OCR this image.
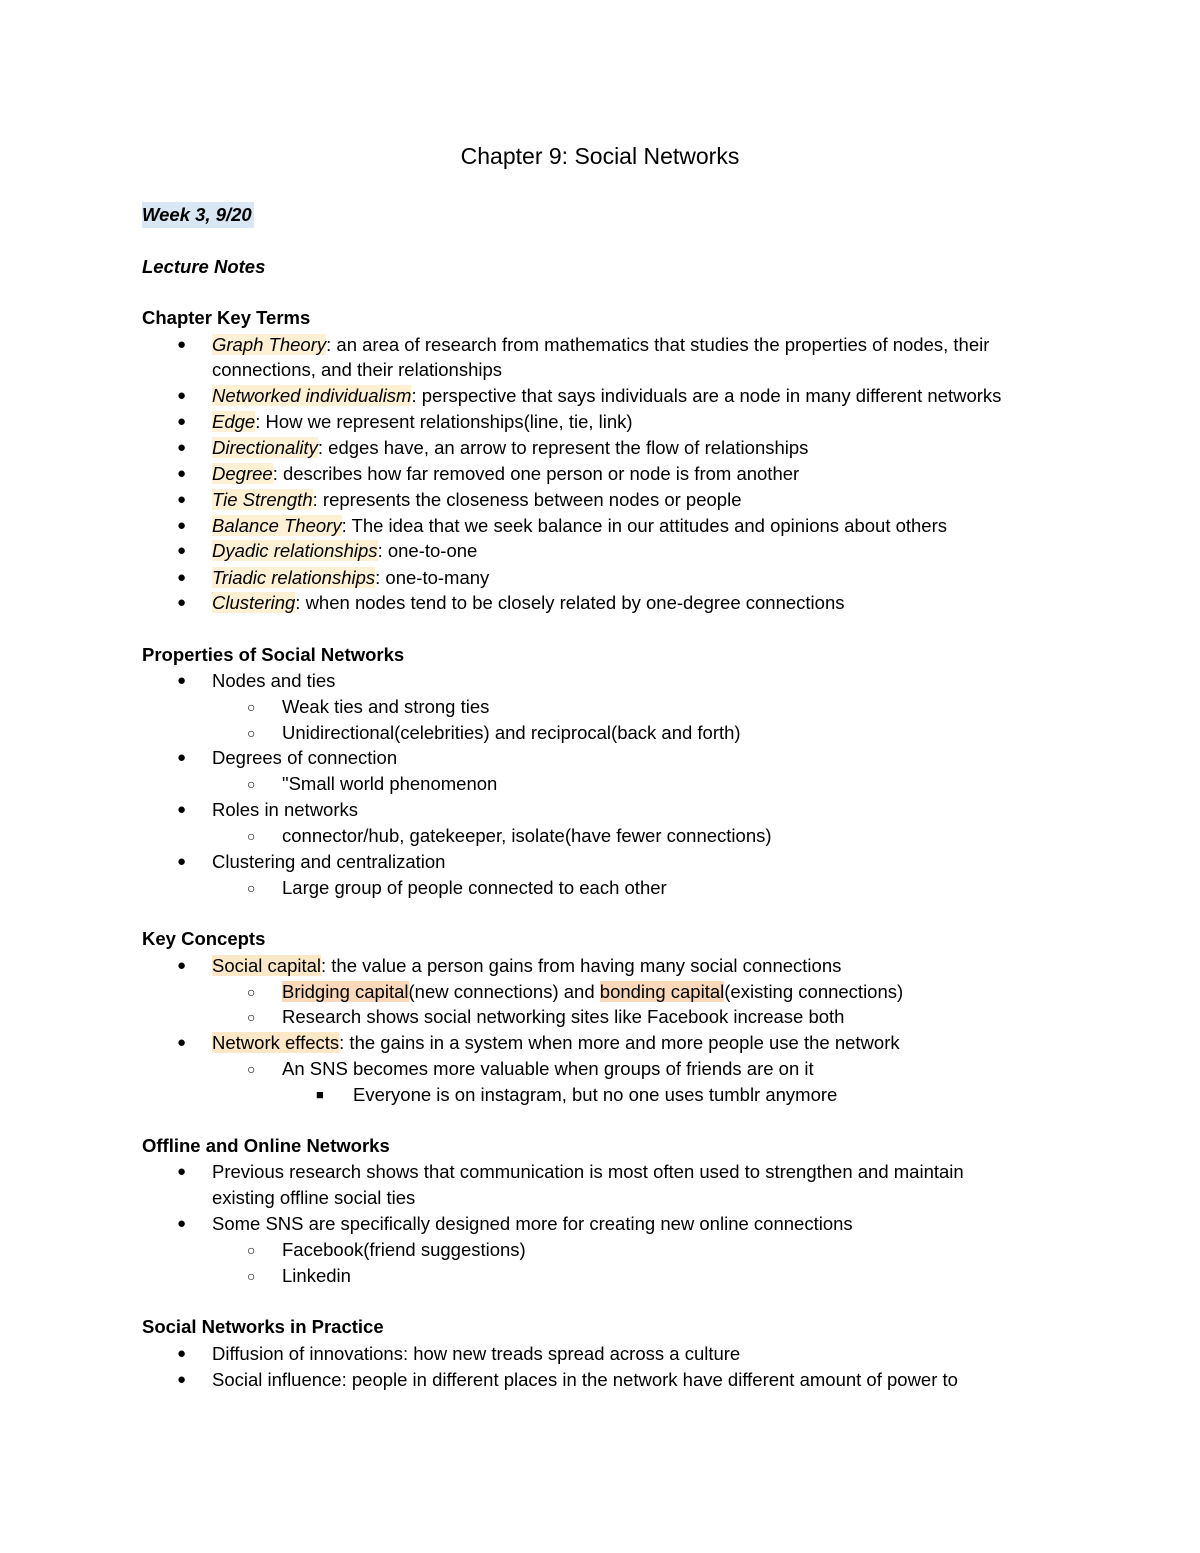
Chapter 9: Social Networks
Week 3, 9/20
Lecture Notes
Chapter Key Terms
● Graph Theory: an area of research from mathematics that studies the properties of nodes, their
connections, and their relationships
● Networked individualism: perspective that says individuals are a node in many different networks
● Edge: How we represent relationships(line, tie, link)
● Directionality: edges have, an arrow to represent the flow of relationships
● Degree: describes how far removed one person or node is from another
● Tie Strength: represents the closeness between nodes or people
● Balance Theory: The idea that we seek balance in our attitudes and opinions about others
● Dyadic relationships: one-to-one
● Triadic relationships: one-to-many
● Clustering: when nodes tend to be closely related by one-degree connections
Properties of Social Networks
● Nodes and ties
○ Weak ties and strong ties
○ Unidirectional(celebrities) and reciprocal(back and forth)
● Degrees of connection
○ "Small world phenomenon
● Roles in networks
○ connector/hub, gatekeeper, isolate(have fewer connections)
● Clustering and centralization
○ Large group of people connected to each other
Key Concepts
● Social capital: the value a person gains from having many social connections
○ Bridging capital(new connections) and bonding capital(existing connections)
○ Research shows social networking sites like Facebook increase both
● Network effects: the gains in a system when more and more people use the network
○ An SNS becomes more valuable when groups of friends are on it
■ Everyone is on instagram, but no one uses tumblr anymore
Offline and Online Networks
● Previous research shows that communication is most often used to strengthen and maintain
existing offline social ties
● Some SNS are specifically designed more for creating new online connections
○ Facebook(friend suggestions)
○ Linkedin
Social Networks in Practice
● Diffusion of innovations: how new treads spread across a culture
● Social influence: people in different places in the network have different amount of power to
